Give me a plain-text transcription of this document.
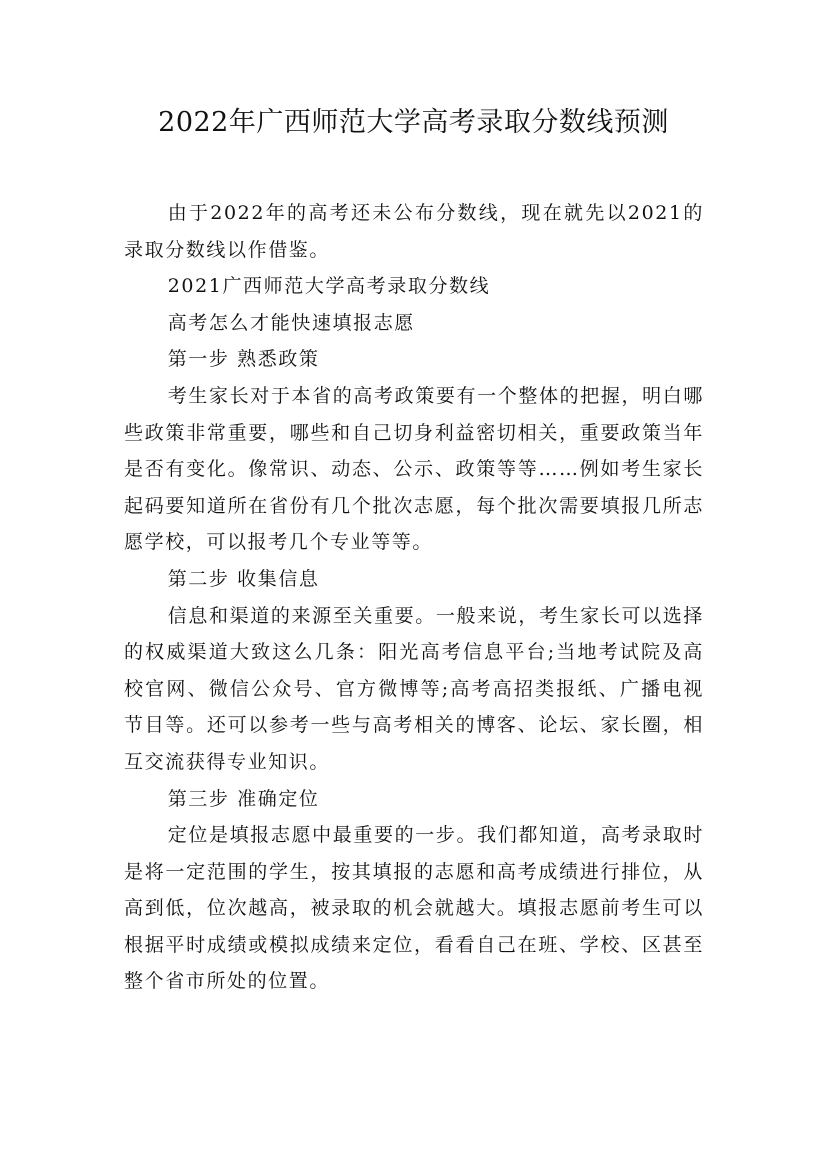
2022年广西师范大学高考录取分数线预测

由于2022年的高考还未公布分数线，现在就先以2021的录取分数线以作借鉴。

2021广西师范大学高考录取分数线

高考怎么才能快速填报志愿

第一步 熟悉政策

考生家长对于本省的高考政策要有一个整体的把握，明白哪些政策非常重要，哪些和自己切身利益密切相关，重要政策当年是否有变化。像常识、动态、公示、政策等等……例如考生家长起码要知道所在省份有几个批次志愿，每个批次需要填报几所志愿学校，可以报考几个专业等等。

第二步 收集信息

信息和渠道的来源至关重要。一般来说，考生家长可以选择的权威渠道大致这么几条：阳光高考信息平台;当地考试院及高校官网、微信公众号、官方微博等;高考高招类报纸、广播电视节目等。还可以参考一些与高考相关的博客、论坛、家长圈，相互交流获得专业知识。

第三步 准确定位

定位是填报志愿中最重要的一步。我们都知道，高考录取时是将一定范围的学生，按其填报的志愿和高考成绩进行排位，从高到低，位次越高，被录取的机会就越大。填报志愿前考生可以根据平时成绩或模拟成绩来定位，看看自己在班、学校、区甚至整个省市所处的位置。
